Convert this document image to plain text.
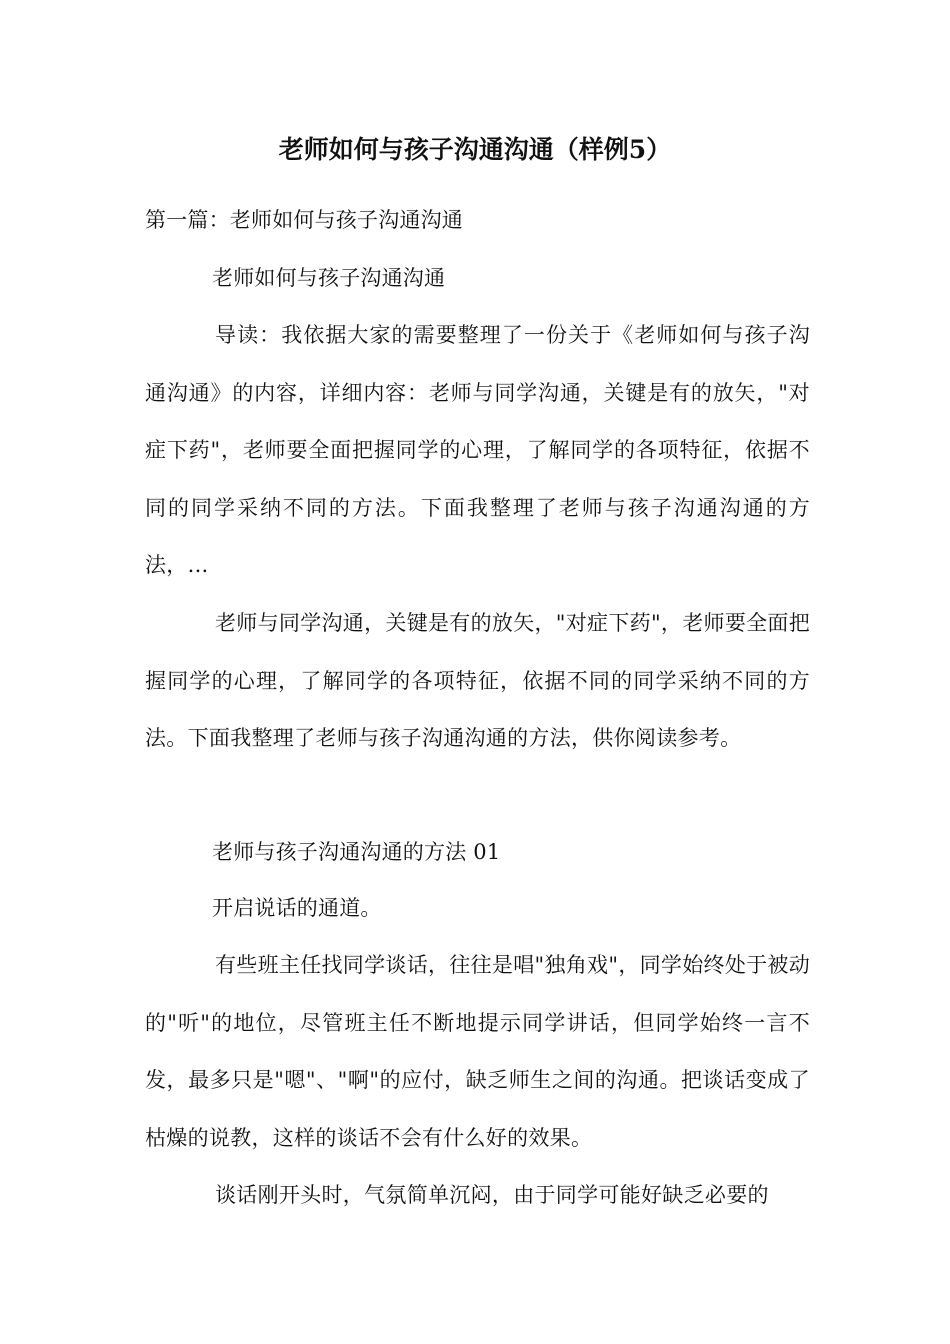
老师如何与孩子沟通沟通（样例5）
第一篇：老师如何与孩子沟通沟通
老师如何与孩子沟通沟通

导读：我依据大家的需要整理了一份关于《老师如何与孩子沟通沟通》的内容，详细内容：老师与同学沟通，关键是有的放矢，"对症下药"，老师要全面把握同学的心理，了解同学的各项特征，依据不同的同学采纳不同的方法。下面我整理了老师与孩子沟通沟通的方法，...

老师与同学沟通，关键是有的放矢，"对症下药"，老师要全面把握同学的心理，了解同学的各项特征，依据不同的同学采纳不同的方法。下面我整理了老师与孩子沟通沟通的方法，供你阅读参考。

老师与孩子沟通沟通的方法 01
开启说话的通道。

有些班主任找同学谈话，往往是唱"独角戏"，同学始终处于被动的"听"的地位，尽管班主任不断地提示同学讲话，但同学始终一言不发，最多只是"嗯"、"啊"的应付，缺乏师生之间的沟通。把谈话变成了枯燥的说教，这样的谈话不会有什么好的效果。

谈话刚开头时，气氛简单沉闷，由于同学可能好缺乏必要的
